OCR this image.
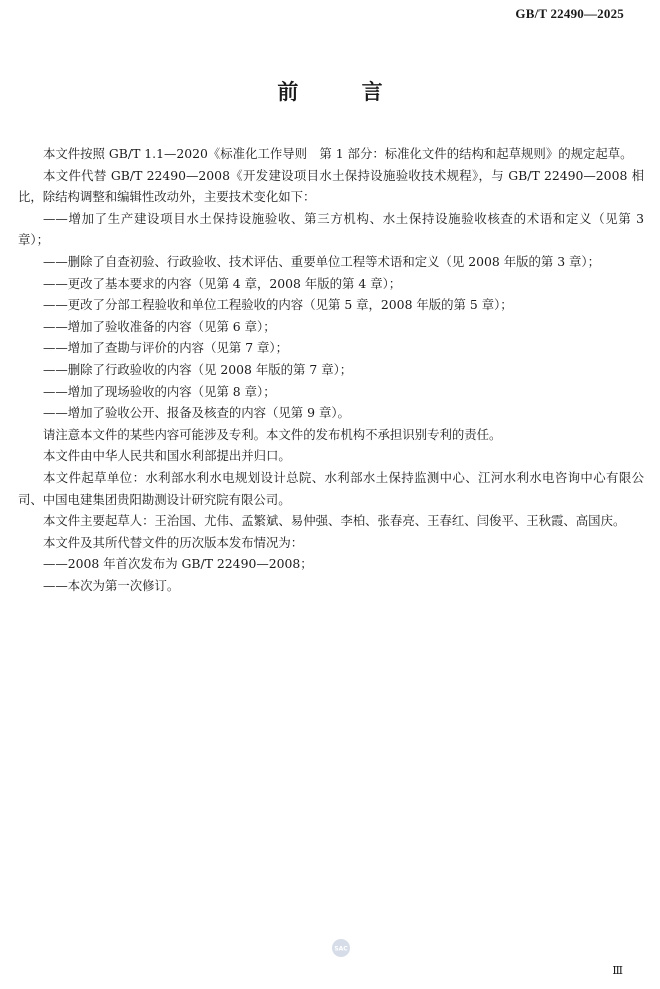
GB/T 22490—2025
前 言

本文件按照 GB/T 1.1—2020《标准化工作导则　第 1 部分：标准化文件的结构和起草规则》的规定起草。

本文件代替 GB/T 22490—2008《开发建设项目水土保持设施验收技术规程》，与 GB/T 22490—2008 相比，除结构调整和编辑性改动外，主要技术变化如下：

——增加了生产建设项目水土保持设施验收、第三方机构、水土保持设施验收核查的术语和定义（见第 3 章）；

——删除了自查初验、行政验收、技术评估、重要单位工程等术语和定义（见 2008 年版的第 3 章）；

——更改了基本要求的内容（见第 4 章，2008 年版的第 4 章）；

——更改了分部工程验收和单位工程验收的内容（见第 5 章，2008 年版的第 5 章）；

——增加了验收准备的内容（见第 6 章）；

——增加了查勘与评价的内容（见第 7 章）；

——删除了行政验收的内容（见 2008 年版的第 7 章）；

——增加了现场验收的内容（见第 8 章）；

——增加了验收公开、报备及核查的内容（见第 9 章）。

请注意本文件的某些内容可能涉及专利。本文件的发布机构不承担识别专利的责任。

本文件由中华人民共和国水利部提出并归口。

本文件起草单位：水利部水利水电规划设计总院、水利部水土保持监测中心、江河水利水电咨询中心有限公司、中国电建集团贵阳勘测设计研究院有限公司。

本文件主要起草人：王治国、尤伟、孟繁斌、易仲强、李柏、张春亮、王春红、闫俊平、王秋霞、高国庆。

本文件及其所代替文件的历次版本发布情况为：

——2008 年首次发布为 GB/T 22490—2008；

——本次为第一次修订。

SAC
Ⅲ
